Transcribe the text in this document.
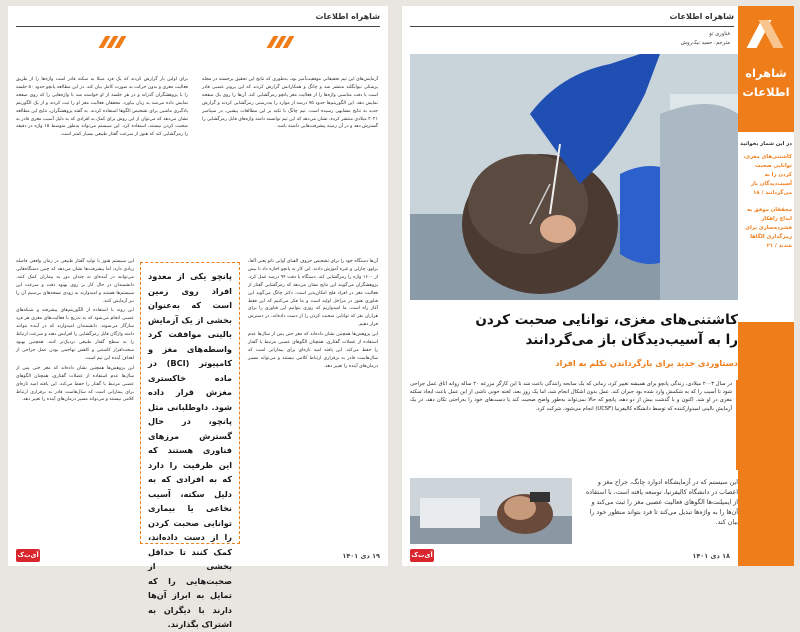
شاهراه اطلاعات

برای اولین بار گزارش کردند که یک فرد مبتلا به سکته قادر است واژه‌ها را از طریق فعالیت مغزی و بدون حرکت به صورت کامل بیان کند. در این مطالعه پانچو حدود ۵۰ جلسه را با پژوهشگران گذراند و در هر جلسه از او خواسته شد تا واژه‌هایی را که روی صفحه نمایش داده می‌شد به زبان بیاورد. محققان فعالیت مغز او را ثبت کردند و از یک الگوریتم یادگیری ماشین برای تشخیص الگوها استفاده کردند. به گفته پژوهشگران، نتایج این مطالعه نشان می‌دهد که می‌توان از این روش برای کمک به افرادی که به دلیل آسیب مغزی قادر به صحبت کردن نیستند، استفاده کرد. این سیستم می‌تواند به‌طور متوسط ۱۵ واژه در دقیقه را رمزگشایی کند که هنوز از سرعت گفتار طبیعی بسیار کمتر است.

آزمایش‌های این تیم تحقیقاتی موفقیت‌آمیز بود، به‌طوری که نتایج این تحقیق برجسته در مجله پزشکی نیوانگلند منتشر شد و چانگ و همکارانش گزارش کردند که این پروتز عصبی قادر است با دقت مناسبی واژه‌ها را از فعالیت مغز پانچو رمزگشایی کند. آن‌ها را روی یک صفحه نمایش دهد. این الگوریتم‌ها حدود ۷۵ درصد از موارد را به‌درستی رمزگشایی کردند و گزارش جدید به نتایج مشابهی رسیده است. تیم چانگ با تکیه بر این مطالعات پیشین، در سپتامبر ۲۰۲۱ میلادی منتشر کرده، نشان می‌دهد که این تیم توانسته دامنه واژه‌های قابل رمزگشایی را گسترش دهد و در آن زمینه پیشرفت‌هایی داشته باشد.

این سیستم هنوز با تولید گفتار طبیعی در زمان واقعی فاصله زیادی دارد، اما پیشرفت‌ها نشان می‌دهد که چنین دستگاه‌هایی می‌توانند در آینده‌ای نه چندان دور به بیماران کمک کنند. دانشمندان در حال کار بر روی بهبود دقت و سرعت این سیستم‌ها هستند و امیدوارند به زودی نسخه‌های بی‌سیم آن را نیز آزمایش کنند.

این روند با استفاده از الگوریتم‌های پیشرفته و شبکه‌های عصبی انجام می‌شود که به تدریج با فعالیت‌های مغزی هر فرد سازگار می‌شوند. دانشمندان امیدوارند که در آینده بتوانند دامنه واژگان قابل رمزگشایی را افزایش دهند و سرعت ارتباط را به سطح گفتار طبیعی نزدیک‌تر کنند. همچنین بهبود سخت‌افزار کاشتنی و کاهش تهاجمی بودن عمل جراحی از اهداف آینده این تیم است.

این پژوهش‌ها همچنین نشان داده‌اند که مغز حتی پس از سال‌ها عدم استفاده از عضلات گفتاری، همچنان الگوهای عصبی مرتبط با گفتار را حفظ می‌کند. این یافته امید تازه‌ای برای بیمارانی است که سال‌هاست قادر به برقراری ارتباط کلامی نیستند و می‌تواند مسیر درمان‌های آینده را تغییر دهد.

پانچو یکی از معدود افراد روی زمین است که به‌عنوان بخشی از یک آزمایش بالینی موافقت کرد واسطه‌های مغز و کامپیوتر (BCI) در ماده خاکستری مغزش قرار داده شود. داوطلبانی مثل پانچو، در حال گسترش مرزهای فناوری هستند که این ظرفیت را دارد که به افرادی که به دلیل سکته، آسیب نخاعی یا بیماری توانایی صحبت کردن را از دست داده‌اند، کمک کنند تا حداقل بخشی از صحبت‌هایی را که تمایل به ابراز آن‌ها دارند با دیگران به اشتراک بگذارند.

آن‌ها دستگاه خود را برای تشخیص حروف الفبای آوایی ناتو یعنی آلفا، براوو، چارلی و غیره آموزش دادند. این کار به پانچو اجازه داد تا بیش از ۱۶۰۰ واژه را رمزگشایی کند. دستگاه با دقت ۹۴ درصد عمل کرد. پژوهشگران می‌گویند این نتایج نشان می‌دهد که رمزگشایی گفتار از فعالیت مغز در افراد فلج امکان‌پذیر است. دکتر چانگ می‌گوید این فناوری هنوز در مراحل اولیه است و ما فکر می‌کنیم که این فقط آغاز راه است. ما امیدواریم که روزی بتوانیم این فناوری را برای هزاران نفر که توانایی صحبت کردن را از دست داده‌اند، در دسترس قرار دهیم.

این پژوهش‌ها همچنین نشان داده‌اند که مغز حتی پس از سال‌ها عدم استفاده از عضلات گفتاری، همچنان الگوهای عصبی مرتبط با گفتار را حفظ می‌کند. این یافته امید تازه‌ای برای بیمارانی است که سال‌هاست قادر به برقراری ارتباط کلامی نیستند و می‌تواند مسیر درمان‌های آینده را تغییر دهد.

آی‌ت‌ک	۱۹ دی ۱۴۰۱
شاهراه اطلاعات
شاهراه
اطلاعات
در این شمار بخوانید
کاشتنی‌های مغزی، توانایی صحبت کردن را به آسیب‌دیدگان باز می‌گردانند / ۱۸
محققان موفق به ابداع راهکار فشرده‌سازی برای رمزگذاری الگاها شدند / ۲۱
فناوری تو
مترجم: حمید نیک‌روش
کاشتنی‌های مغزی، توانایی صحبت کردن
را به آسیب‌دیدگان باز می‌گردانند
دستاوردی جدید برای بازگرداندن تکلم به افراد
در سال ۲۰۰۳ میلادی، زندگی پانچو برای همیشه تغییر کرد، زمانی که یک سانحه رانندگی باعث شد تا این کارگر مزرعه ۲۰ ساله روانه اتاق عمل جراحی شود تا آسیب را که به شکمش وارد شده بود جبران کند. عمل بدون اشکال انجام شد، اما یک روز بعد، لخته خونی ناشی از این عمل باعث ایجاد سکته مغزی در او شد. اکنون و با گذشت بیش از دو دهه، پانچو که حالا نمی‌تواند به‌طور واضح صحبت کند یا دست‌های خود را به‌راحتی تکان دهد، در یک آزمایش بالینی امیدوارکننده که توسط دانشگاه کالیفرنیا (UCSF) انجام می‌شود، شرکت کرد.
این سیستم که در آزمایشگاه ادوارد چانگ، جراح مغز و اعصاب در دانشگاه کالیفرنیا، توسعه یافته است، با استفاده از ایمپلنت‌ها الگوهای فعالیت عصبی مغز را ثبت می‌کند و آن‌ها را به واژه‌ها تبدیل می‌کند تا فرد بتواند منظور خود را بیان کند.
آی‌ت‌ک	۱۸ دی ۱۴۰۱
